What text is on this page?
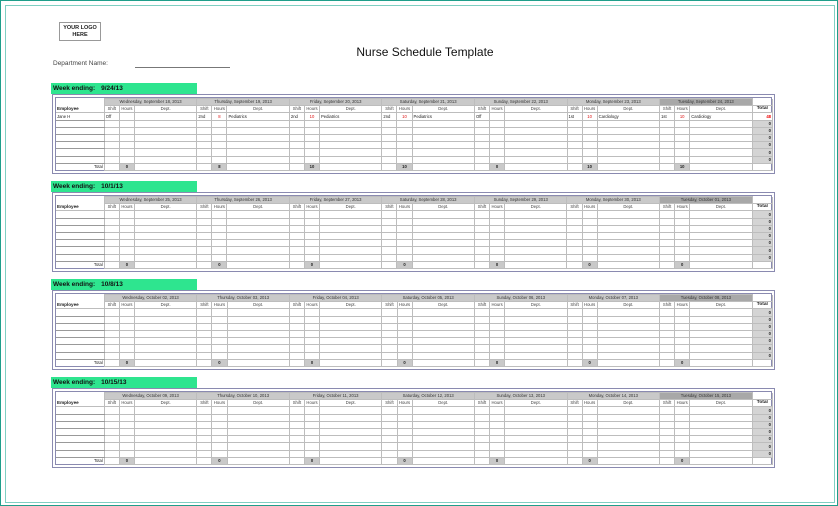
YOUR LOGO HERE
Nurse Schedule Template
Department Name:
Week ending: 9/24/13
	Wednesday, September 18, 2013			Thursday, September 19, 2013			Friday, September 20, 2013			Saturday, September 21, 2013			Sunday, September 22, 2013			Monday, September 23, 2013			Tuesday, September 24, 2013			
Employee	Shift	Hours	Dept.	Shift	Hours	Dept.	Shift	Hours	Dept.	Shift	Hours	Dept.	Shift	Hours	Dept.	Shift	Hours	Dept.	Shift	Hours	Dept.	Total
Jane H	Off			2nd	8	Pediatrics	2nd	10	Pediatrics	2nd	10	Pediatrics	Off			1st	10	Cardiology	1st	10	Cardiology	48
																						0
																						0
																						0
																						0
																						0
																						0
Total		0			8			10			10			0			10			10		
Week ending: 10/1/13
	Wednesday, September 25, 2013			Thursday, September 26, 2013			Friday, September 27, 2013			Saturday, September 28, 2013			Sunday, September 29, 2013			Monday, September 30, 2013			Tuesday, October 01, 2013			
Employee	Shift	Hours	Dept.	Shift	Hours	Dept.	Shift	Hours	Dept.	Shift	Hours	Dept.	Shift	Hours	Dept.	Shift	Hours	Dept.	Shift	Hours	Dept.	Total
																						0
																						0
																						0
																						0
																						0
																						0
																						0
Total		0			0			0			0			0			0			0		
Week ending: 10/8/13
	Wednesday, October 02, 2013			Thursday, October 03, 2013			Friday, October 04, 2013			Saturday, October 05, 2013			Sunday, October 06, 2013			Monday, October 07, 2013			Tuesday, October 08, 2013			
Employee	Shift	Hours	Dept.	Shift	Hours	Dept.	Shift	Hours	Dept.	Shift	Hours	Dept.	Shift	Hours	Dept.	Shift	Hours	Dept.	Shift	Hours	Dept.	Total
																						0
																						0
																						0
																						0
																						0
																						0
																						0
Total		0			0			0			0			0			0			0		
Week ending: 10/15/13
	Wednesday, October 09, 2013			Thursday, October 10, 2013			Friday, October 11, 2013			Saturday, October 12, 2013			Sunday, October 13, 2013			Monday, October 14, 2013			Tuesday, October 15, 2013			
Employee	Shift	Hours	Dept.	Shift	Hours	Dept.	Shift	Hours	Dept.	Shift	Hours	Dept.	Shift	Hours	Dept.	Shift	Hours	Dept.	Shift	Hours	Dept.	Total
																						0
																						0
																						0
																						0
																						0
																						0
																						0
Total		0			0			0			0			0			0			0		
